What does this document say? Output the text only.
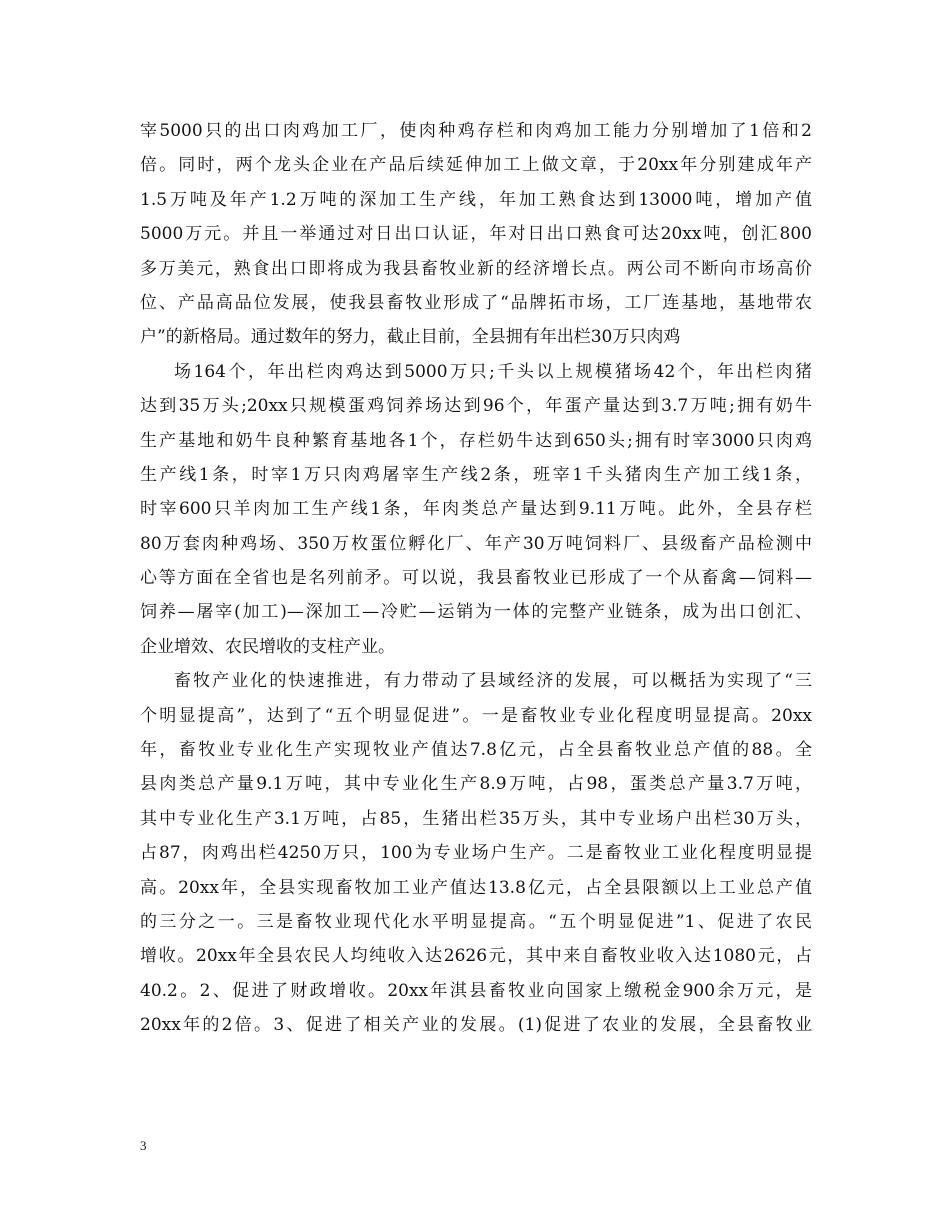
宰5000只的出口肉鸡加工厂，使肉种鸡存栏和肉鸡加工能力分别增加了1倍和2
倍。同时，两个龙头企业在产品后续延伸加工上做文章，于20xx年分别建成年产
1.5万吨及年产1.2万吨的深加工生产线，年加工熟食达到13000吨，增加产值
5000万元。并且一举通过对日出口认证，年对日出口熟食可达20xx吨，创汇800
多万美元，熟食出口即将成为我县畜牧业新的经济增长点。两公司不断向市场高价
位、产品高品位发展，使我县畜牧业形成了“品牌拓市场，工厂连基地，基地带农
户”的新格局。通过数年的努力，截止目前，全县拥有年出栏30万只肉鸡
场164个，年出栏肉鸡达到5000万只;千头以上规模猪场42个，年出栏肉猪
达到35万头;20xx只规模蛋鸡饲养场达到96个，年蛋产量达到3.7万吨;拥有奶牛
生产基地和奶牛良种繁育基地各1个，存栏奶牛达到650头;拥有时宰3000只肉鸡
生产线1条，时宰1万只肉鸡屠宰生产线2条，班宰1千头猪肉生产加工线1条，
时宰600只羊肉加工生产线1条，年肉类总产量达到9.11万吨。此外，全县存栏
80万套肉种鸡场、350万枚蛋位孵化厂、年产30万吨饲料厂、县级畜产品检测中
心等方面在全省也是名列前矛。可以说，我县畜牧业已形成了一个从畜禽—饲料—
饲养—屠宰(加工)—深加工—冷贮—运销为一体的完整产业链条，成为出口创汇、
企业增效、农民增收的支柱产业。
畜牧产业化的快速推进，有力带动了县域经济的发展，可以概括为实现了“三
个明显提高”，达到了“五个明显促进”。一是畜牧业专业化程度明显提高。20xx
年，畜牧业专业化生产实现牧业产值达7.8亿元，占全县畜牧业总产值的88。全
县肉类总产量9.1万吨，其中专业化生产8.9万吨，占98，蛋类总产量3.7万吨，
其中专业化生产3.1万吨，占85，生猪出栏35万头，其中专业场户出栏30万头，
占87，肉鸡出栏4250万只，100为专业场户生产。二是畜牧业工业化程度明显提
高。20xx年，全县实现畜牧加工业产值达13.8亿元，占全县限额以上工业总产值
的三分之一。三是畜牧业现代化水平明显提高。“五个明显促进”1、促进了农民
增收。20xx年全县农民人均纯收入达2626元，其中来自畜牧业收入达1080元，占
40.2。2、促进了财政增收。20xx年淇县畜牧业向国家上缴税金900余万元，是
20xx年的2倍。3、促进了相关产业的发展。(1)促进了农业的发展，全县畜牧业
3
